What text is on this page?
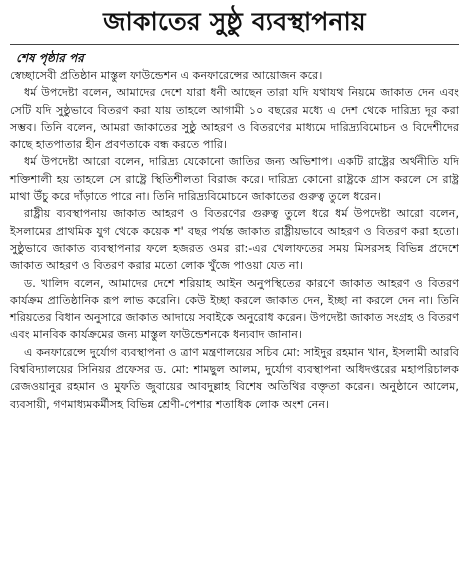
জাকাতের সুষ্ঠু ব্যবস্থাপনায়
শেষ পৃষ্ঠার পর

স্বেচ্ছাসেবী প্রতিষ্ঠান মাস্তুল ফাউন্ডেশন এ কনফারেন্সের আয়োজন করে।

ধর্ম উপদেষ্টা বলেন, আমাদের দেশে যারা ধনী আছেন তারা যদি যথাযথ নিয়মে জাকাত দেন এবং সেটি যদি সুষ্ঠুভাবে বিতরণ করা যায় তাহলে আগামী ১০ বছরের মধ্যে এ দেশ থেকে দারিদ্র্য দূর করা সম্ভব। তিনি বলেন, আমরা জাকাতের সুষ্ঠু আহরণ ও বিতরণের মাধ্যমে দারিদ্র্যবিমোচন ও বিদেশীদের কাছে হাতপাতার হীন প্রবণতাকে বন্ধ করতে পারি।

ধর্ম উপদেষ্টা আরো বলেন, দারিদ্র্য যেকোনো জাতির জন্য অভিশাপ। একটি রাষ্ট্রের অর্থনীতি যদি শক্তিশালী হয় তাহলে সে রাষ্ট্রে স্থিতিশীলতা বিরাজ করে। দারিদ্র্য কোনো রাষ্ট্রকে গ্রাস করলে সে রাষ্ট্র মাথা উঁচু করে দাঁড়াতে পারে না। তিনি দারিদ্র্যবিমোচনে জাকাতের গুরুত্ব তুলে ধরেন।

রাষ্ট্রীয় ব্যবস্থাপনায় জাকাত আহরণ ও বিতরণের গুরুত্ব তুলে ধরে ধর্ম উপদেষ্টা আরো বলেন, ইসলামের প্রাথমিক যুগ থেকে কয়েক শ' বছর পর্যন্ত জাকাত রাষ্ট্রীয়ভাবে আহরণ ও বিতরণ করা হতো। সুষ্ঠুভাবে জাকাত ব্যবস্থাপনার ফলে হজরত ওমর রা:-এর খেলাফতের সময় মিসরসহ বিভিন্ন প্রদেশে জাকাত আহরণ ও বিতরণ করার মতো লোক খুঁজে পাওয়া যেত না।

ড. খালিদ বলেন, আমাদের দেশে শরিয়াহ আইন অনুপস্থিতের কারণে জাকাত আহরণ ও বিতরণ কার্যক্রম প্রাতিষ্ঠানিক রূপ লাভ করেনি। কেউ ইচ্ছা করলে জাকাত দেন, ইচ্ছা না করলে দেন না। তিনি শরিয়তের বিধান অনুসারে জাকাত আদায়ে সবাইকে অনুরোধ করেন। উপদেষ্টা জাকাত সংগ্রহ ও বিতরণ এবং মানবিক কার্যক্রমের জন্য মাস্তুল ফাউন্ডেশনকে ধন্যবাদ জানান।

এ কনফারেন্সে দুর্যোগ ব্যবস্থাপনা ও ত্রাণ মন্ত্রণালয়ের সচিব মো: সাইদুর রহমান খান, ইসলামী আরবি বিশ্ববিদ্যালয়ের সিনিয়র প্রফেসর ড. মো: শামছুল আলম, দুর্যোগ ব্যবস্থাপনা অধিদপ্তরের মহাপরিচালক রেজওয়ানুর রহমান ও মুফতি জুবায়ের আবদুল্লাহ বিশেষ অতিথির বক্তৃতা করেন। অনুষ্ঠানে আলেম, ব্যবসায়ী, গণমাধ্যমকর্মীসহ বিভিন্ন শ্রেণী-পেশার শতাধিক লোক অংশ নেন।
